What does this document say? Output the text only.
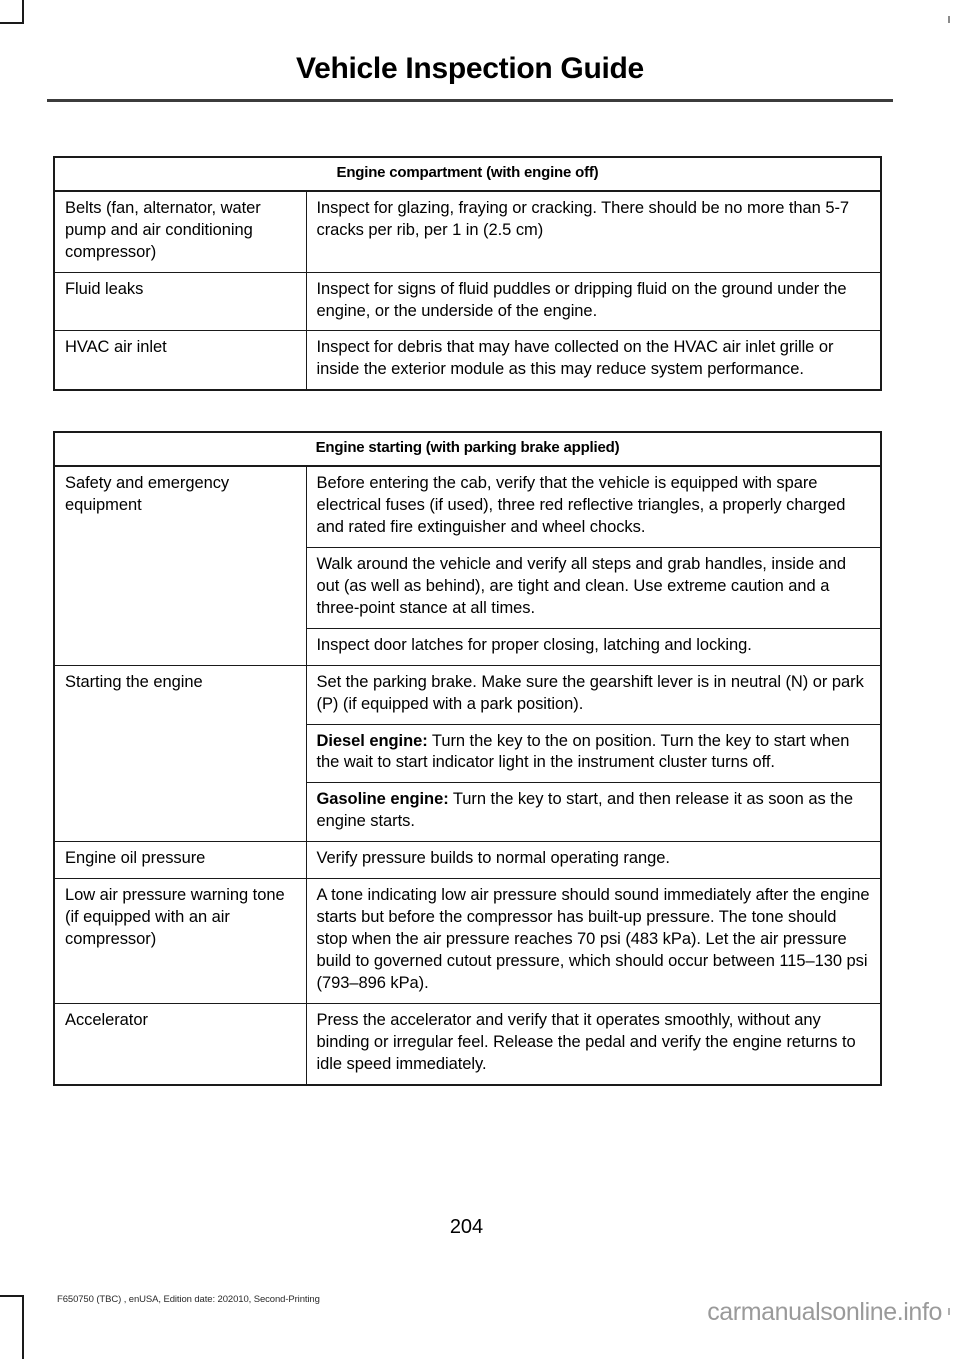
Vehicle Inspection Guide
Engine compartment (with engine off)	
Belts (fan, alternator, water pump and air conditioning compressor)	Inspect for glazing, fraying or cracking. There should be no more than 5-7 cracks per rib, per 1 in (2.5 cm)
Fluid leaks	Inspect for signs of fluid puddles or dripping fluid on the ground under the engine, or the underside of the engine.
HVAC air inlet	Inspect for debris that may have collected on the HVAC air inlet grille or inside the exterior module as this may reduce system performance.
Engine starting (with parking brake applied)	
Safety and emergency equipment	Before entering the cab, verify that the vehicle is equipped with spare electrical fuses (if used), three red reflective triangles, a properly charged and rated fire extinguisher and wheel chocks.
	Walk around the vehicle and verify all steps and grab handles, inside and out (as well as behind), are tight and clean. Use extreme caution and a three-point stance at all times.
	Inspect door latches for proper closing, latching and locking.
Starting the engine	Set the parking brake. Make sure the gearshift lever is in neutral (N) or park (P) (if equipped with a park position).
	Diesel engine: Turn the key to the on position. Turn the key to start when the wait to start indicator light in the instrument cluster turns off.
	Gasoline engine: Turn the key to start, and then release it as soon as the engine starts.
Engine oil pressure	Verify pressure builds to normal operating range.
Low air pressure warning tone (if equipped with an air compressor)	A tone indicating low air pressure should sound immediately after the engine starts but before the compressor has built-up pressure. The tone should stop when the air pressure reaches 70 psi (483 kPa). Let the air pressure build to governed cutout pressure, which should occur between 115–130 psi (793–896 kPa).
Accelerator	Press the accelerator and verify that it operates smoothly, without any binding or irregular feel. Release the pedal and verify the engine returns to idle speed immediately.
204
F650750 (TBC) , enUSA, Edition date: 202010, Second-Printing	carmanualsonline.info
